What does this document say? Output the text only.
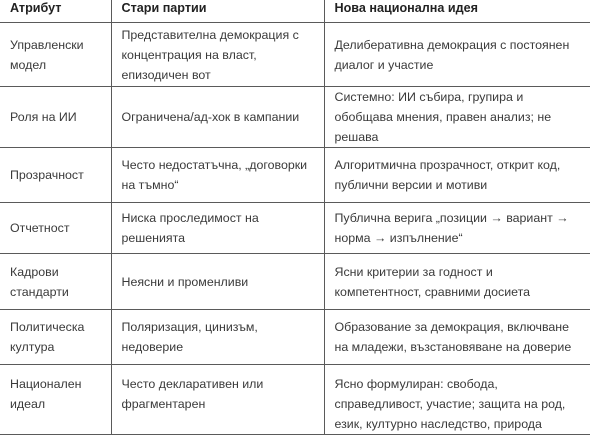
Атрибут	Стари партии	Нова национална идея
Управленски модел	Представителна демокрация с концентрация на власт, епизодичен вот	Делиберативна демокрация с постоянен диалог и участие
Роля на ИИ	Ограничена/ад-хок в кампании	Системно: ИИ събира, групира и обобщава мнения, правен анализ; не решава
Прозрачност	Често недостатъчна, „договорки на тъмно“	Алгоритмична прозрачност, открит код, публични версии и мотиви
Отчетност	Ниска проследимост на решенията	Публична верига „позиции → вариант → норма → изпълнение“
Кадрови стандарти	Неясни и променливи	Ясни критерии за годност и компетентност, сравними досиета
Политическа култура	Поляризация, цинизъм, недоверие	Образование за демокрация, включване на младежи, възстановяване на доверие
Национален идеал	Често декларативен или фрагментарен	Ясно формулиран: свобода, справедливост, участие; защита на род, език, културно наследство, природа
